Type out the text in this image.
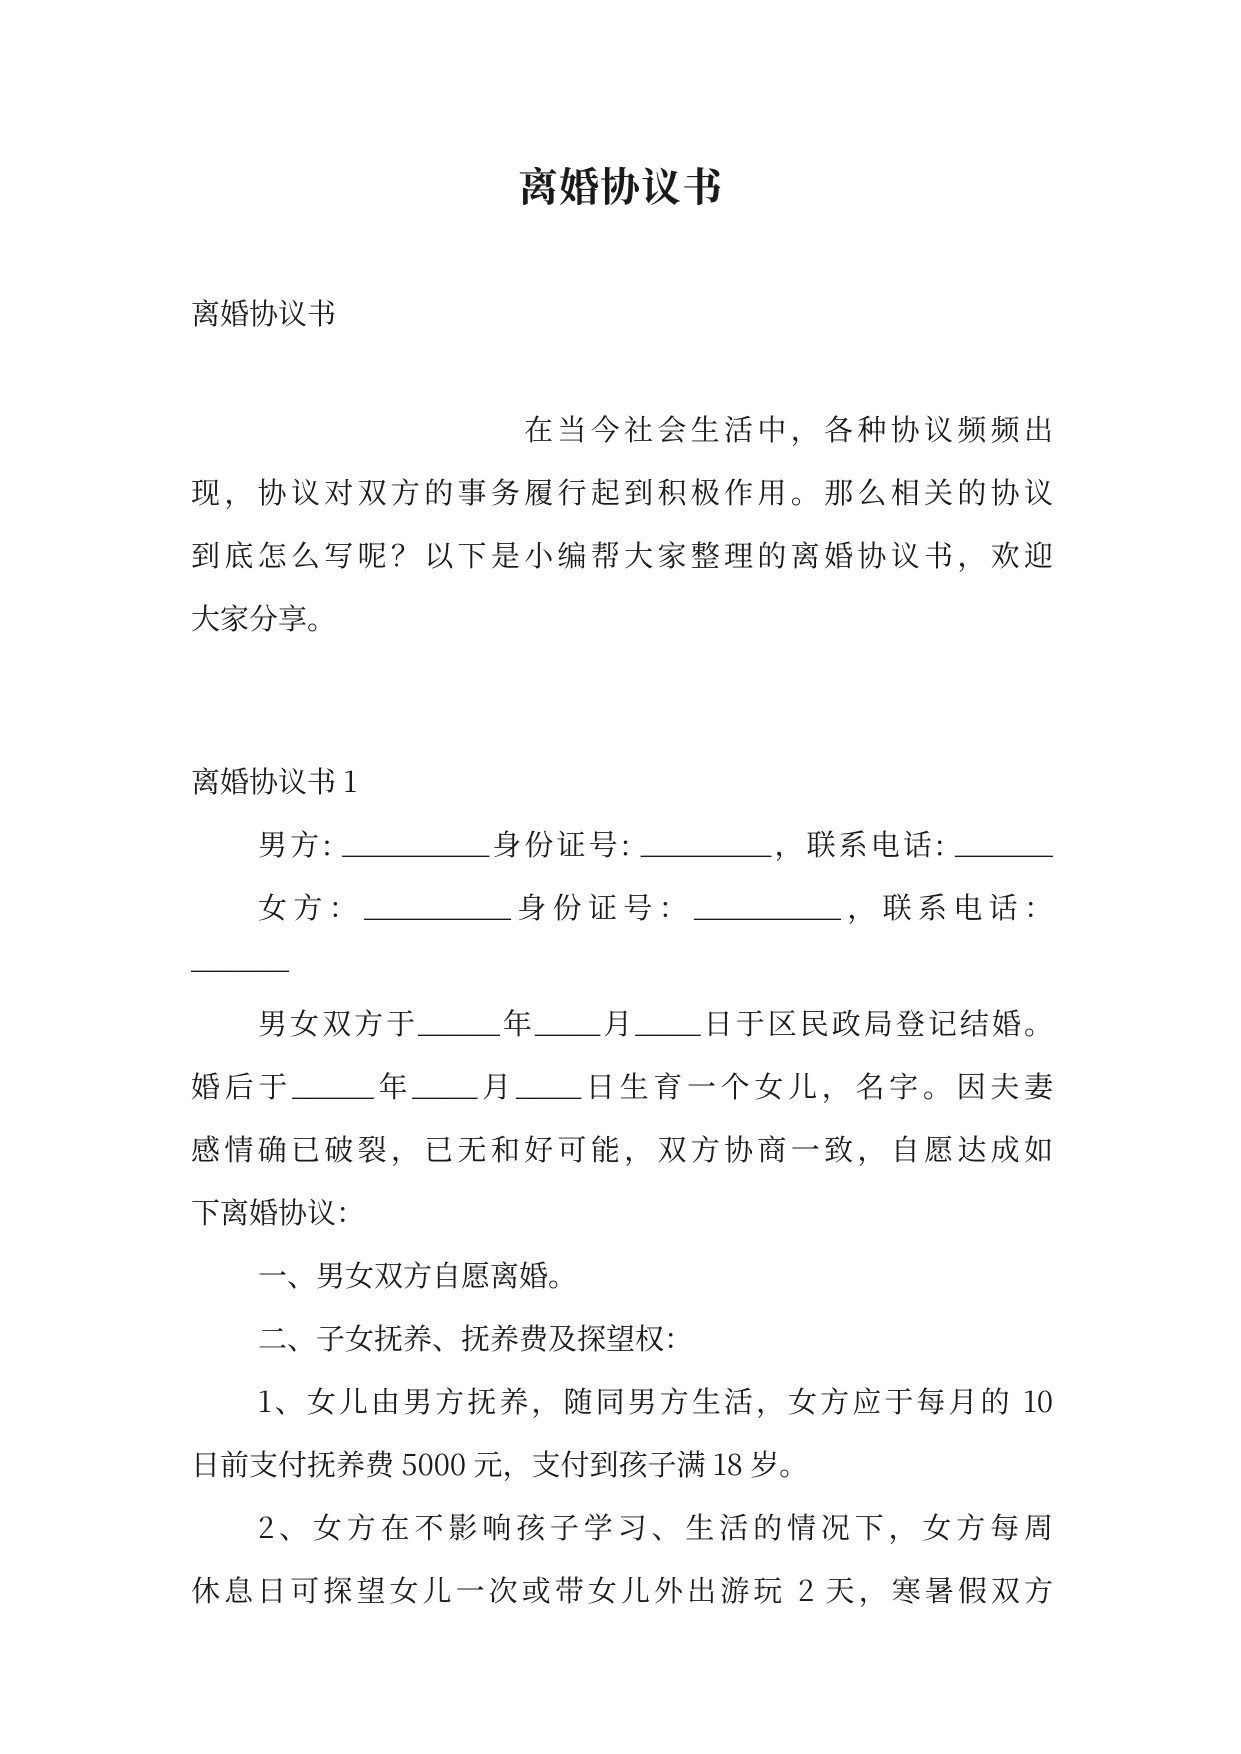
离婚协议书
离婚协议书
在当今社会生活中，各种协议频频出
现，协议对双方的事务履行起到积极作用。那么相关的协议
到底怎么写呢？以下是小编帮大家整理的离婚协议书，欢迎
大家分享。
离婚协议书 1
男方: _________身份证号: ________，联系电话: ______
女方：_________身份证号：_________，联系电话：
______
男女双方于_____年____月____日于区民政局登记结婚。
婚后于_____年____月____日生育一个女儿，名字。因夫妻
感情确已破裂，已无和好可能，双方协商一致，自愿达成如
下离婚协议：
一、男女双方自愿离婚。
二、子女抚养、抚养费及探望权：
1、女儿由男方抚养，随同男方生活，女方应于每月的 10
日前支付抚养费 5000 元，支付到孩子满 18 岁。
2、女方在不影响孩子学习、生活的情况下，女方每周
休息日可探望女儿一次或带女儿外出游玩 2 天，寒暑假双方
